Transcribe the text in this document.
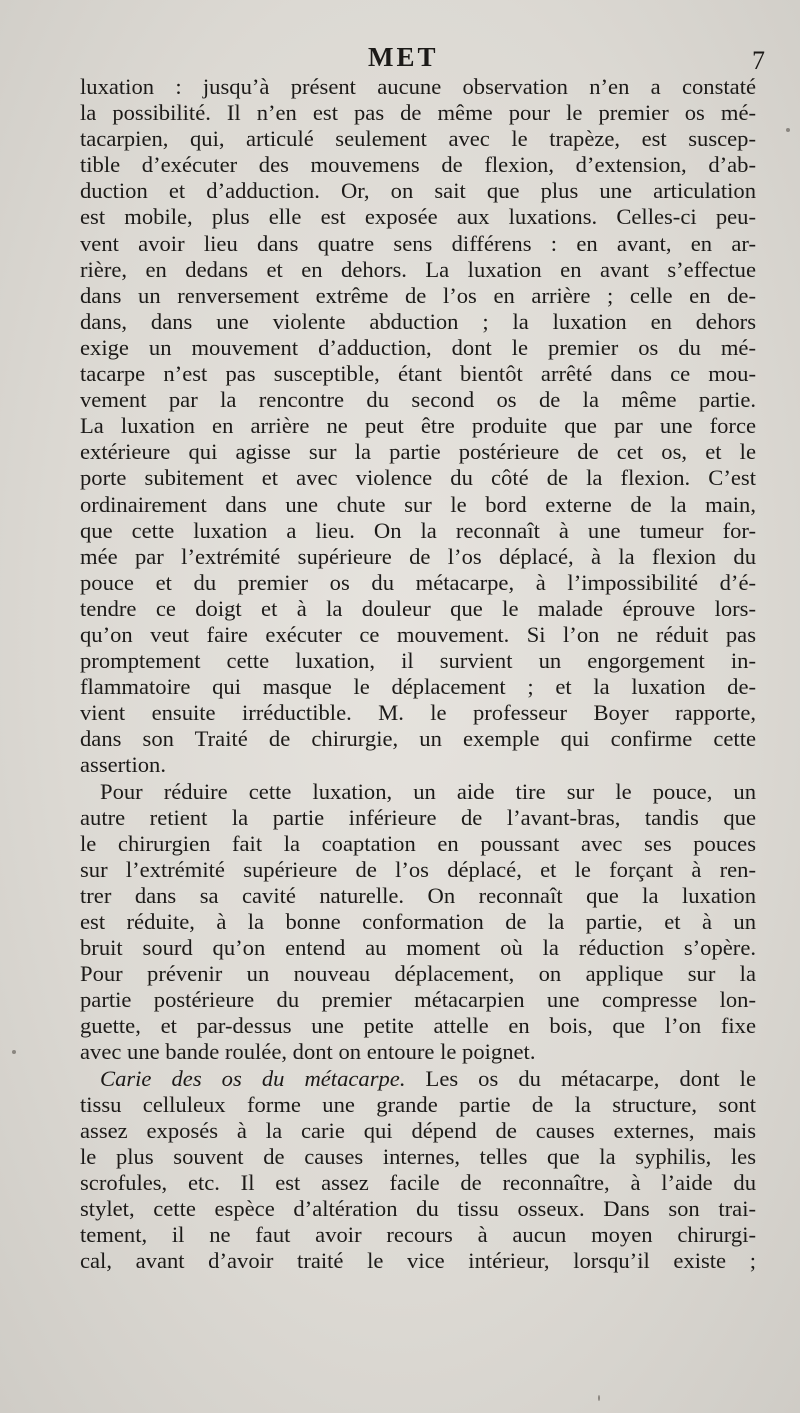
MET	7
luxation : jusqu’à présent aucune observation n’en a constaté
la possibilité. Il n’en est pas de même pour le premier os mé-
tacarpien, qui, articulé seulement avec le trapèze, est suscep-
tible d’exécuter des mouvemens de flexion, d’extension, d’ab-
duction et d’adduction. Or, on sait que plus une articulation
est mobile, plus elle est exposée aux luxations. Celles-ci peu-
vent avoir lieu dans quatre sens différens : en avant, en ar-
rière, en dedans et en dehors. La luxation en avant s’effectue
dans un renversement extrême de l’os en arrière ; celle en de-
dans, dans une violente abduction ; la luxation en dehors
exige un mouvement d’adduction, dont le premier os du mé-
tacarpe n’est pas susceptible, étant bientôt arrêté dans ce mou-
vement par la rencontre du second os de la même partie.
La luxation en arrière ne peut être produite que par une force
extérieure qui agisse sur la partie postérieure de cet os, et le
porte subitement et avec violence du côté de la flexion. C’est
ordinairement dans une chute sur le bord externe de la main,
que cette luxation a lieu. On la reconnaît à une tumeur for-
mée par l’extrémité supérieure de l’os déplacé, à la flexion du
pouce et du premier os du métacarpe, à l’impossibilité d’é-
tendre ce doigt et à la douleur que le malade éprouve lors-
qu’on veut faire exécuter ce mouvement. Si l’on ne réduit pas
promptement cette luxation, il survient un engorgement in-
flammatoire qui masque le déplacement ; et la luxation de-
vient ensuite irréductible. M. le professeur Boyer rapporte,
dans son Traité de chirurgie, un exemple qui confirme cette
assertion.
Pour réduire cette luxation, un aide tire sur le pouce, un
autre retient la partie inférieure de l’avant-bras, tandis que
le chirurgien fait la coaptation en poussant avec ses pouces
sur l’extrémité supérieure de l’os déplacé, et le forçant à ren-
trer dans sa cavité naturelle. On reconnaît que la luxation
est réduite, à la bonne conformation de la partie, et à un
bruit sourd qu’on entend au moment où la réduction s’opère.
Pour prévenir un nouveau déplacement, on applique sur la
partie postérieure du premier métacarpien une compresse lon-
guette, et par-dessus une petite attelle en bois, que l’on fixe
avec une bande roulée, dont on entoure le poignet.
Carie des os du métacarpe. Les os du métacarpe, dont le
tissu celluleux forme une grande partie de la structure, sont
assez exposés à la carie qui dépend de causes externes, mais
le plus souvent de causes internes, telles que la syphilis, les
scrofules, etc. Il est assez facile de reconnaître, à l’aide du
stylet, cette espèce d’altération du tissu osseux. Dans son trai-
tement, il ne faut avoir recours à aucun moyen chirurgi-
cal, avant d’avoir traité le vice intérieur, lorsqu’il existe ;
